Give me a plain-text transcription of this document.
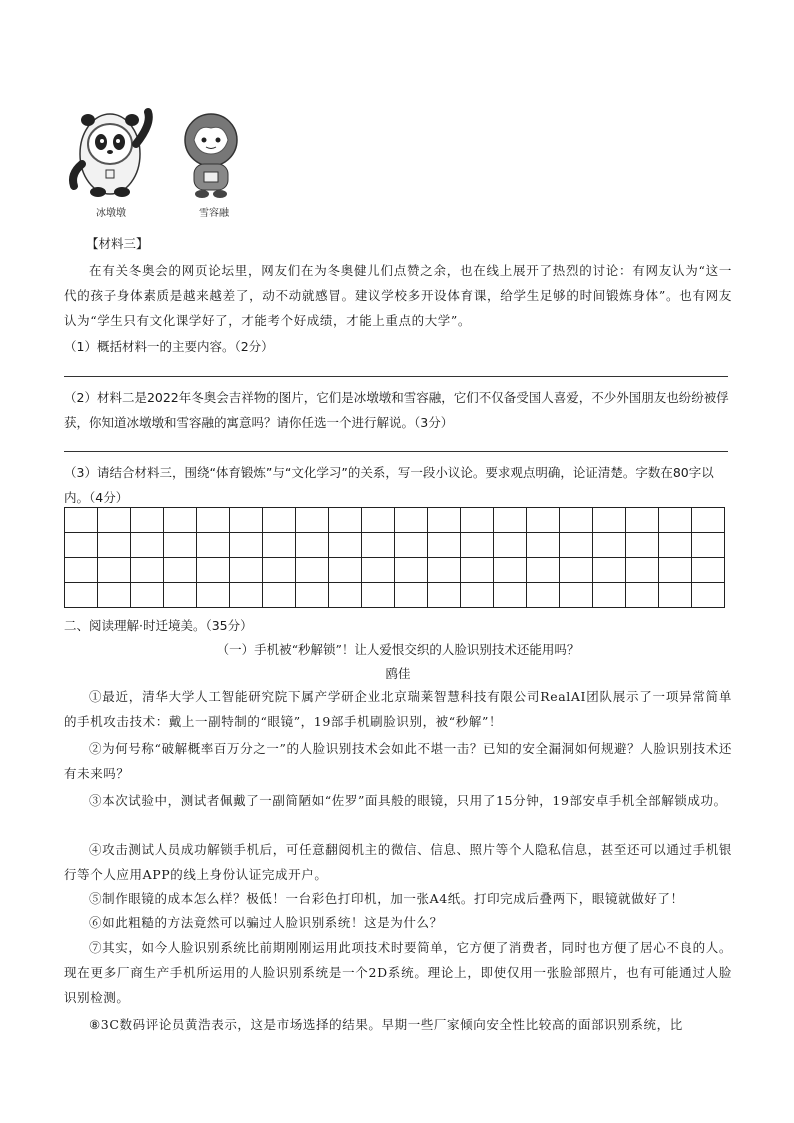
冰墩墩	雪容融
【材料三】
在有关冬奥会的网页论坛里，网友们在为冬奥健儿们点赞之余，也在线上展开了热烈的讨论：有网友认为“这一代的孩子身体素质是越来越差了，动不动就感冒。建议学校多开设体育课，给学生足够的时间锻炼身体”。也有网友认为“学生只有文化课学好了，才能考个好成绩，才能上重点的大学”。
（1）概括材料一的主要内容。（2分）
（2）材料二是2022年冬奥会吉祥物的图片，它们是冰墩墩和雪容融，它们不仅备受国人喜爱，不少外国朋友也纷纷被俘获，你知道冰墩墩和雪容融的寓意吗？请你任选一个进行解说。（3分）
（3）请结合材料三，围绕“体育锻炼”与“文化学习”的关系，写一段小议论。要求观点明确，论证清楚。字数在80字以内。（4分）

二、阅读理解·时迁境美。（35分）
（一）手机被“秒解锁”！让人爱恨交织的人脸识别技术还能用吗？
鸥佳
①最近，清华大学人工智能研究院下属产学研企业北京瑞莱智慧科技有限公司RealAI团队展示了一项异常简单的手机攻击技术：戴上一副特制的“眼镜”，19部手机刷脸识别，被“秒解”！
②为何号称“破解概率百万分之一”的人脸识别技术会如此不堪一击？已知的安全漏洞如何规避？人脸识别技术还有未来吗？
③本次试验中，测试者佩戴了一副简陋如“佐罗”面具般的眼镜，只用了15分钟，19部安卓手机全部解锁成功。
④攻击测试人员成功解锁手机后，可任意翻阅机主的微信、信息、照片等个人隐私信息，甚至还可以通过手机银行等个人应用APP的线上身份认证完成开户。
⑤制作眼镜的成本怎么样？极低！一台彩色打印机，加一张A4纸。打印完成后叠两下，眼镜就做好了！
⑥如此粗糙的方法竟然可以骗过人脸识别系统！这是为什么？
⑦其实，如今人脸识别系统比前期刚刚运用此项技术时要简单，它方便了消费者，同时也方便了居心不良的人。现在更多厂商生产手机所运用的人脸识别系统是一个2D系统。理论上，即使仅用一张脸部照片，也有可能通过人脸识别检测。
⑧3C数码评论员黄浩表示，这是市场选择的结果。早期一些厂家倾向安全性比较高的面部识别系统，比
